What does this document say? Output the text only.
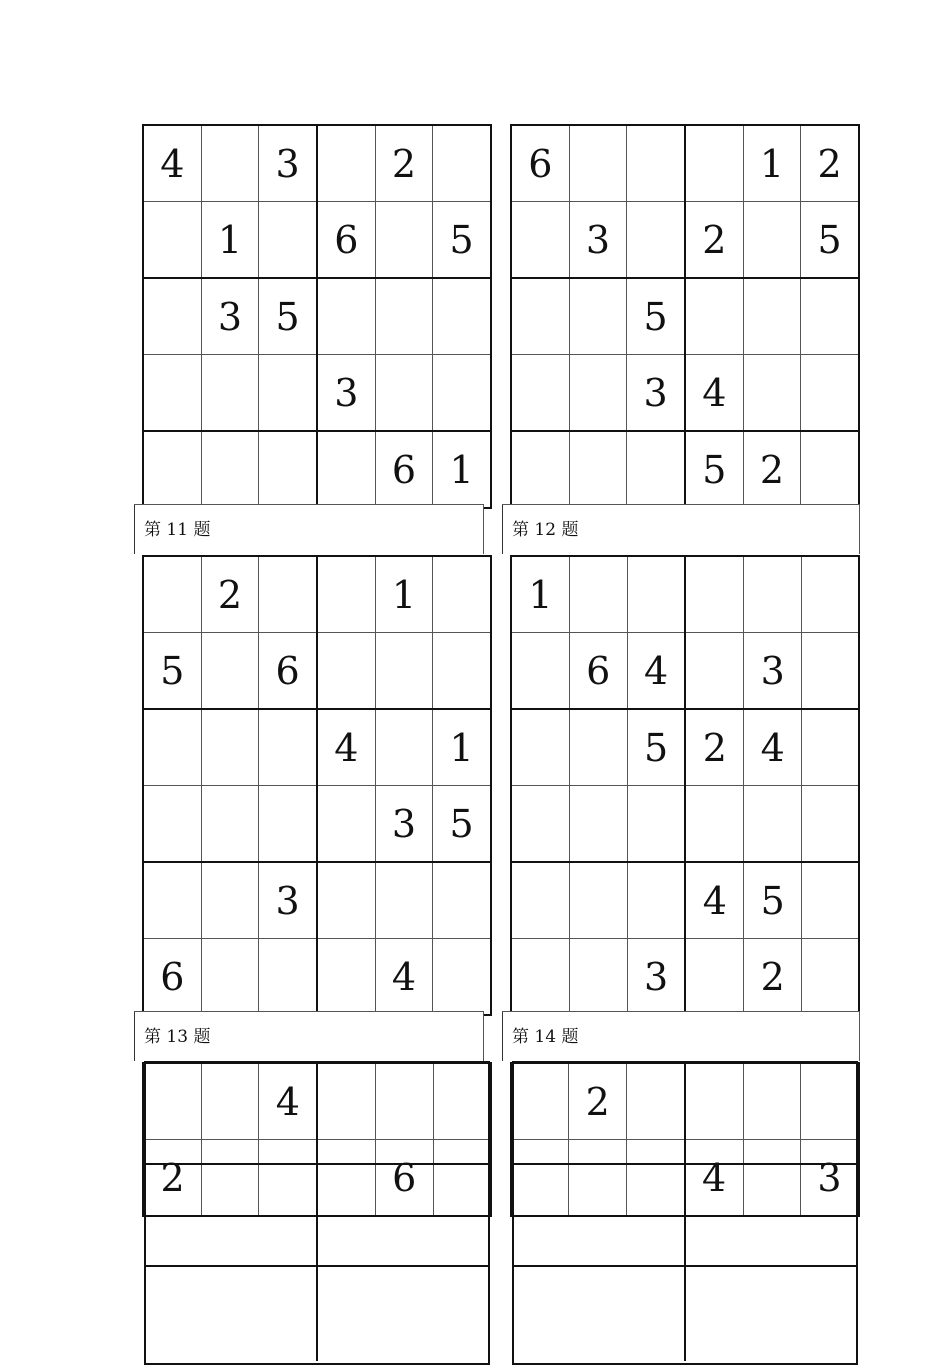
4		3		2	
	1		6		5
	3	5			
			3		
				6	1
6				1	2
	3		2		5
		5			
		3	4		
			5	2	
第 11 题	第 12 题
	2			1	
5		6			
			4		1
				3	5
		3			
6				4	
1					
	6	4		3	
		5	2	4	

			4	5	
		3		2	
第 13 题	第 14 题
		4			
2				6	
	2				
			4		3
